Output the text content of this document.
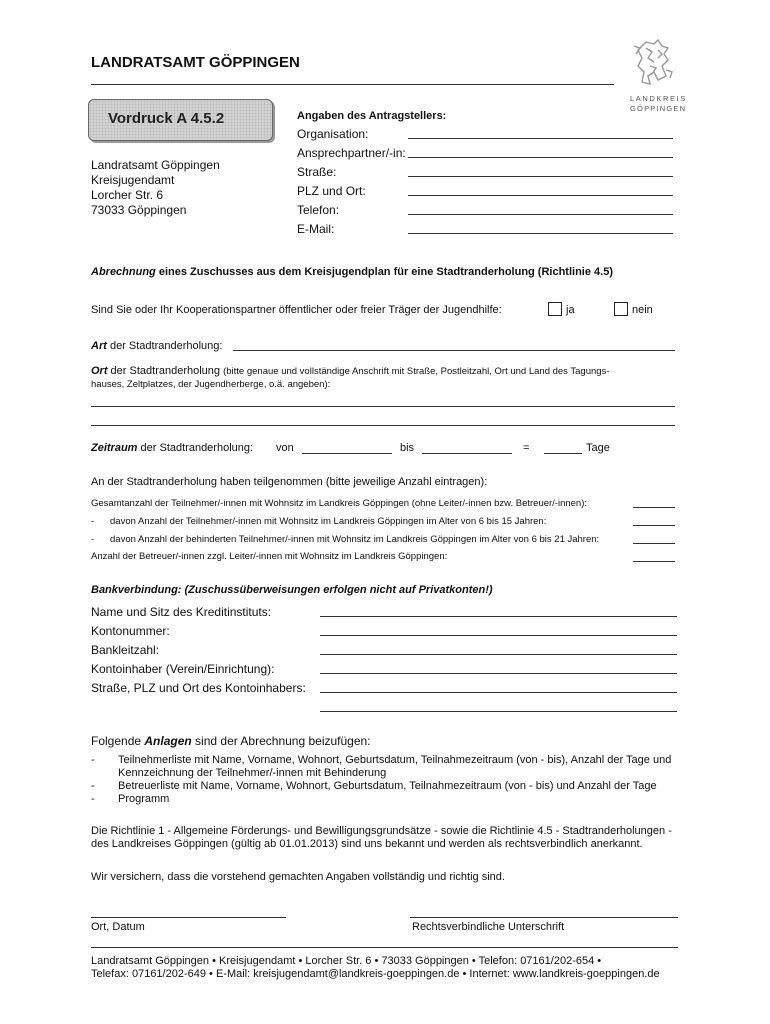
LANDRATSAMT GÖPPINGEN
LANDKREIS
GÖPPINGEN
Vordruck A 4.5.2
Landratsamt Göppingen
Kreisjugendamt
Lorcher Str. 6
73033 Göppingen
Angaben des Antragstellers:
Organisation:
Ansprechpartner/-in:
Straße:
PLZ und Ort:
Telefon:
E-Mail:
Abrechnung eines Zuschusses aus dem Kreisjugendplan für eine Stadtranderholung (Richtlinie 4.5)
Sind Sie oder Ihr Kooperationspartner öffentlicher oder freier Träger der Jugendhilfe:	ja	nein
Art der Stadtranderholung:
Ort der Stadtranderholung (bitte genaue und vollständige Anschrift mit Straße, Postleitzahl, Ort und Land des Tagungs-
hauses, Zeltplatzes, der Jugendherberge, o.ä. angeben):
Zeitraum der Stadtranderholung: von	bis	=	Tage
An der Stadtranderholung haben teilgenommen (bitte jeweilige Anzahl eintragen):
Gesamtanzahl der Teilnehmer/-innen mit Wohnsitz im Landkreis Göppingen (ohne Leiter/-innen bzw. Betreuer/-innen):
- davon Anzahl der Teilnehmer/-innen mit Wohnsitz im Landkreis Göppingen im Alter von 6 bis 15 Jahren:
- davon Anzahl der behinderten Teilnehmer/-innen mit Wohnsitz im Landkreis Göppingen im Alter von 6 bis 21 Jahren:
Anzahl der Betreuer/-innen zzgl. Leiter/-innen mit Wohnsitz im Landkreis Göppingen:
Bankverbindung: (Zuschussüberweisungen erfolgen nicht auf Privatkonten!)
Name und Sitz des Kreditinstituts:
Kontonummer:
Bankleitzahl:
Kontoinhaber (Verein/Einrichtung):
Straße, PLZ und Ort des Kontoinhabers:
Folgende Anlagen sind der Abrechnung beizufügen:
- Teilnehmerliste mit Name, Vorname, Wohnort, Geburtsdatum, Teilnahmezeitraum (von - bis), Anzahl der Tage und
Kennzeichnung der Teilnehmer/-innen mit Behinderung
- Betreuerliste mit Name, Vorname, Wohnort, Geburtsdatum, Teilnahmezeitraum (von - bis) und Anzahl der Tage
- Programm
Die Richtlinie 1 - Allgemeine Förderungs- und Bewilligungsgrundsätze - sowie die Richtlinie 4.5 - Stadtranderholungen -
des Landkreises Göppingen (gültig ab 01.01.2013) sind uns bekannt und werden als rechtsverbindlich anerkannt.
Wir versichern, dass die vorstehend gemachten Angaben vollständig und richtig sind.
Ort, Datum	Rechtsverbindliche Unterschrift
Landratsamt Göppingen • Kreisjugendamt • Lorcher Str. 6 • 73033 Göppingen • Telefon: 07161/202-654 •
Telefax: 07161/202-649 • E-Mail: kreisjugendamt@landkreis-goeppingen.de • Internet: www.landkreis-goeppingen.de
